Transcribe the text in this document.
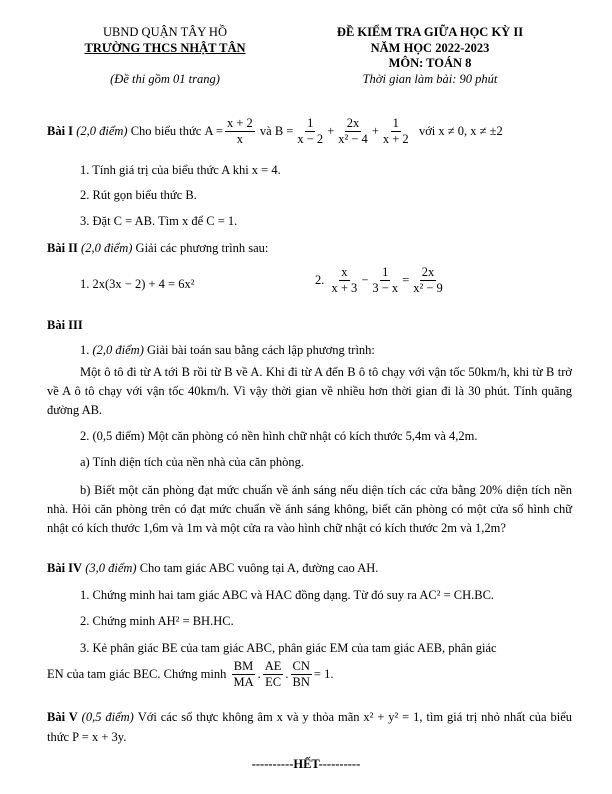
UBND QUẬN TÂY HỒ
TRƯỜNG THCS NHẬT TÂN
(Đề thi gồm 01 trang)
ĐỀ KIỂM TRA GIỮA HỌC KỲ II
NĂM HỌC 2022-2023
MÔN: TOÁN 8
Thời gian làm bài: 90 phút
Bài I
(2,0 điểm)
Cho biểu thức
$A = \frac{x + 2}{x}$
và
$B = \frac{1}{x - 2} + \frac{2x}{\text{x² − 4}} + \frac{1}{x + 2}$
với x ≠ 0, x ≠ ±2
1. Tính giá trị của biểu thức A khi x = 4.
2. Rút gọn biểu thức B.
3. Đặt C = AB. Tìm x để C = 1.
Bài II (2,0 điểm) Giải các phương trình sau:
1. 2x(3x − 2) + 4 = 6x²	2.
$\frac{x}{x + 3} - \frac{1}{3 - x} = \frac{2x}{\text{x² − 9}}$
Bài III
1. (2,0 điểm) Giải bài toán sau bằng cách lập phương trình:
Một ô tô đi từ A tới B rồi từ B về A. Khi đi từ A đến B ô tô chạy với vận tốc 50km/h, khi từ B trở về A ô tô chạy với vận tốc 40km/h. Vì vậy thời gian về nhiều hơn thời gian đi là 30 phút. Tính quãng đường AB.
2. (0,5 điểm) Một căn phòng có nền hình chữ nhật có kích thước 5,4m và 4,2m.
a) Tính diện tích của nền nhà của căn phòng.
b) Biết một căn phòng đạt mức chuẩn về ánh sáng nếu diện tích các cửa bằng 20% diện tích nền nhà. Hỏi căn phòng trên có đạt mức chuẩn về ánh sáng không, biết căn phòng có một cửa sổ hình chữ nhật có kích thước 1,6m và 1m và một cửa ra vào hình chữ nhật có kích thước 2m và 1,2m?
Bài IV (3,0 điểm) Cho tam giác ABC vuông tại A, đường cao AH.
1. Chứng minh hai tam giác ABC và HAC đồng dạng. Từ đó suy ra AC² = CH.BC.
2. Chứng minh AH² = BH.HC.
3. Kẻ phân giác BE của tam giác ABC, phân giác EM của tam giác AEB, phân giác
EN của tam giác BEC. Chứng minh
$\frac{BM}{MA}$ . $\frac{AE}{EC}$ . $\frac{CN}{BN} = 1$.
Bài V (0,5 điểm) Với các số thực không âm x và y thỏa mãn x² + y² = 1, tìm giá trị nhỏ nhất của biểu thức P = x + 3y.
----------HẾT----------
